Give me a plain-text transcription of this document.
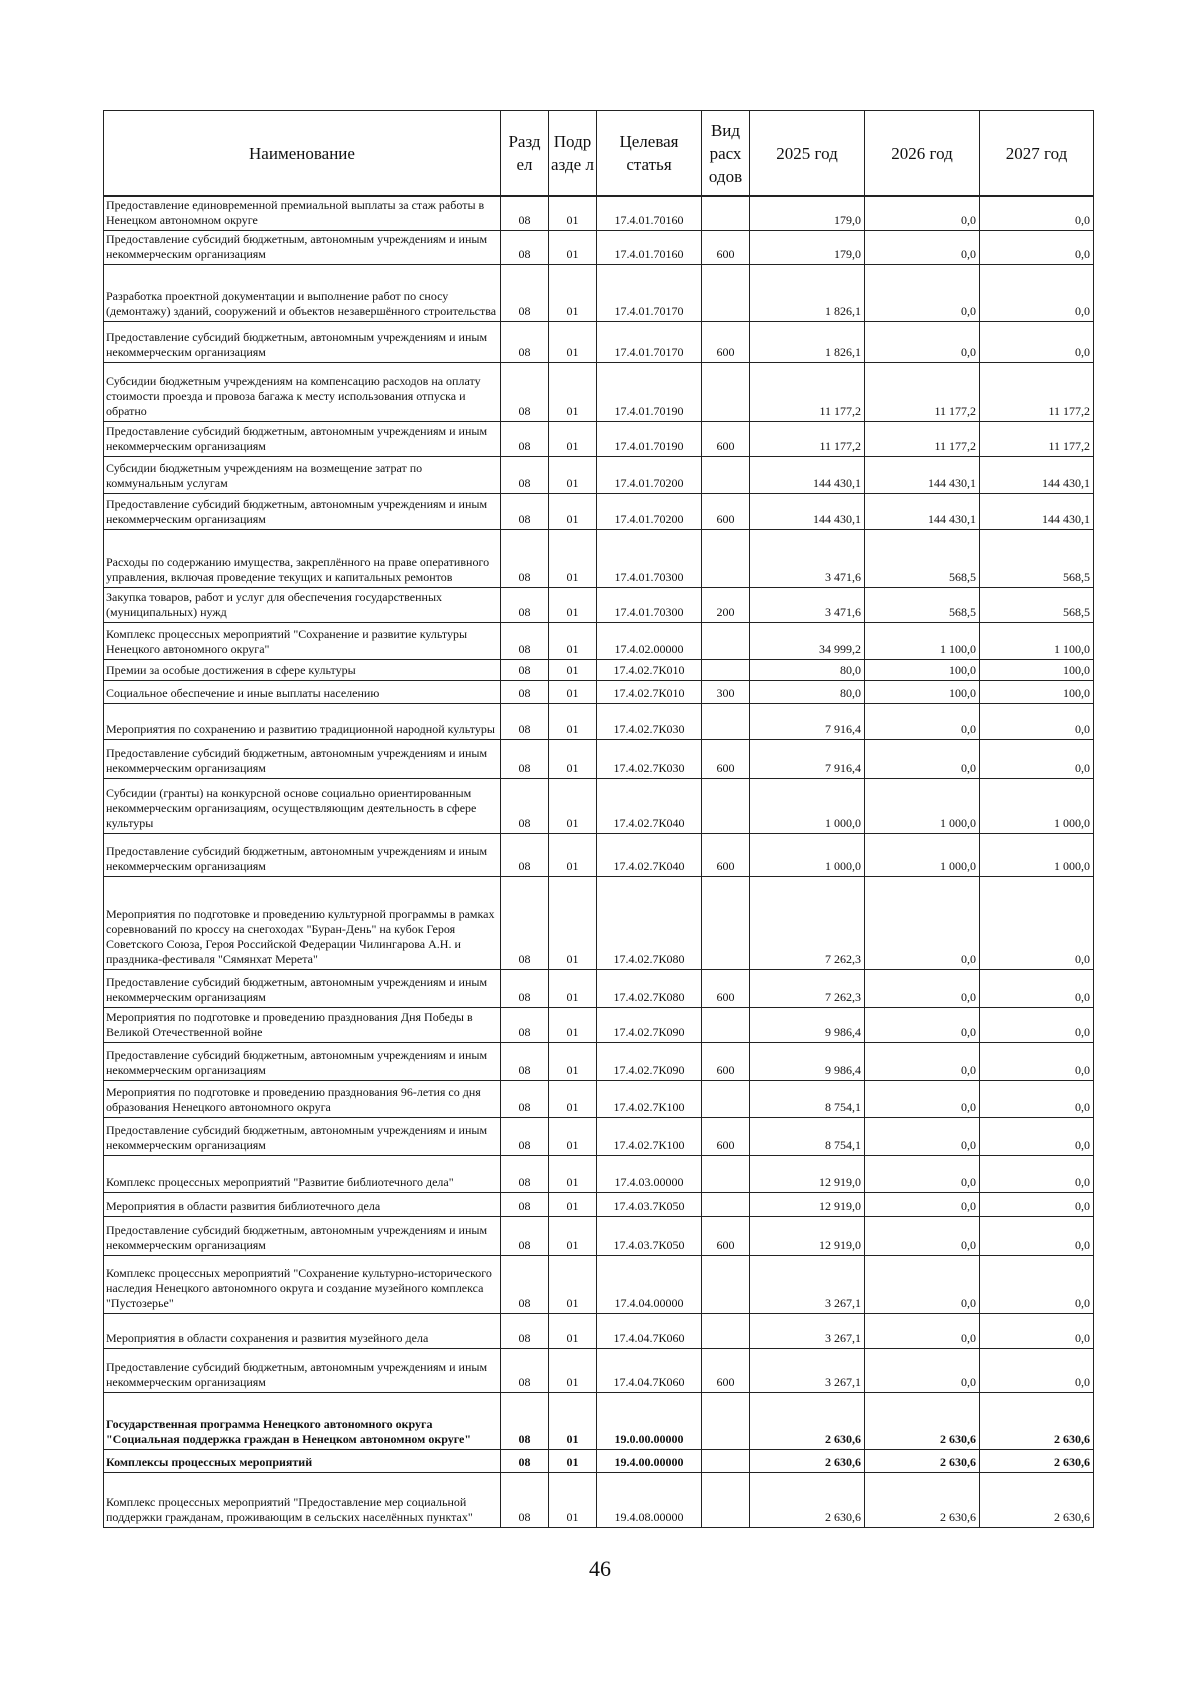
Наименование	Разд ел	Подр азде л	Целевая статья	Вид расх одов	2025 год	2026 год	2027 год
Предоставление единовременной премиальной выплаты за стаж работы в Ненецком автономном округе	08	01	17.4.01.70160		179,0	0,0	0,0
Предоставление субсидий бюджетным, автономным учреждениям и иным некоммерческим организациям	08	01	17.4.01.70160	600	179,0	0,0	0,0
Разработка проектной документации и выполнение работ по сносу (демонтажу) зданий, сооружений и объектов незавершённого строительства	08	01	17.4.01.70170		1 826,1	0,0	0,0
Предоставление субсидий бюджетным, автономным учреждениям и иным некоммерческим организациям	08	01	17.4.01.70170	600	1 826,1	0,0	0,0
Субсидии бюджетным учреждениям на компенсацию расходов на оплату стоимости проезда и провоза багажа к месту использования отпуска и обратно	08	01	17.4.01.70190		11 177,2	11 177,2	11 177,2
Предоставление субсидий бюджетным, автономным учреждениям и иным некоммерческим организациям	08	01	17.4.01.70190	600	11 177,2	11 177,2	11 177,2
Субсидии бюджетным учреждениям на возмещение затрат по коммунальным услугам	08	01	17.4.01.70200		144 430,1	144 430,1	144 430,1
Предоставление субсидий бюджетным, автономным учреждениям и иным некоммерческим организациям	08	01	17.4.01.70200	600	144 430,1	144 430,1	144 430,1
Расходы по содержанию имущества, закреплённого на праве оперативного управления, включая проведение текущих и капитальных ремонтов	08	01	17.4.01.70300		3 471,6	568,5	568,5
Закупка товаров, работ и услуг для обеспечения государственных (муниципальных) нужд	08	01	17.4.01.70300	200	3 471,6	568,5	568,5
Комплекс процессных мероприятий "Сохранение и развитие культуры Ненецкого автономного округа"	08	01	17.4.02.00000		34 999,2	1 100,0	1 100,0
Премии за особые достижения в сфере культуры	08	01	17.4.02.7К010		80,0	100,0	100,0
Социальное обеспечение и иные выплаты населению	08	01	17.4.02.7К010	300	80,0	100,0	100,0
Мероприятия по сохранению и развитию традиционной народной культуры	08	01	17.4.02.7К030		7 916,4	0,0	0,0
Предоставление субсидий бюджетным, автономным учреждениям и иным некоммерческим организациям	08	01	17.4.02.7К030	600	7 916,4	0,0	0,0
Субсидии (гранты) на конкурсной основе социально ориентированным некоммерческим организациям, осуществляющим деятельность в сфере культуры	08	01	17.4.02.7К040		1 000,0	1 000,0	1 000,0
Предоставление субсидий бюджетным, автономным учреждениям и иным некоммерческим организациям	08	01	17.4.02.7К040	600	1 000,0	1 000,0	1 000,0
Мероприятия по подготовке и проведению культурной программы в рамках соревнований по кроссу на снегоходах "Буран-День" на кубок Героя Советского Союза, Героя Российской Федерации Чилингарова А.Н. и праздника-фестиваля "Сямянхат Мерета"	08	01	17.4.02.7К080		7 262,3	0,0	0,0
Предоставление субсидий бюджетным, автономным учреждениям и иным некоммерческим организациям	08	01	17.4.02.7К080	600	7 262,3	0,0	0,0
Мероприятия по подготовке и проведению празднования Дня Победы в Великой Отечественной войне	08	01	17.4.02.7К090		9 986,4	0,0	0,0
Предоставление субсидий бюджетным, автономным учреждениям и иным некоммерческим организациям	08	01	17.4.02.7К090	600	9 986,4	0,0	0,0
Мероприятия по подготовке и проведению празднования 96-летия со дня образования Ненецкого автономного округа	08	01	17.4.02.7К100		8 754,1	0,0	0,0
Предоставление субсидий бюджетным, автономным учреждениям и иным некоммерческим организациям	08	01	17.4.02.7К100	600	8 754,1	0,0	0,0
Комплекс процессных мероприятий "Развитие библиотечного дела"	08	01	17.4.03.00000		12 919,0	0,0	0,0
Мероприятия в области развития библиотечного дела	08	01	17.4.03.7К050		12 919,0	0,0	0,0
Предоставление субсидий бюджетным, автономным учреждениям и иным некоммерческим организациям	08	01	17.4.03.7К050	600	12 919,0	0,0	0,0
Комплекс процессных мероприятий "Сохранение культурно-исторического наследия Ненецкого автономного округа и создание музейного комплекса "Пустозерье"	08	01	17.4.04.00000		3 267,1	0,0	0,0
Мероприятия в области сохранения и развития музейного дела	08	01	17.4.04.7К060		3 267,1	0,0	0,0
Предоставление субсидий бюджетным, автономным учреждениям и иным некоммерческим организациям	08	01	17.4.04.7К060	600	3 267,1	0,0	0,0
Государственная программа Ненецкого автономного округа "Социальная поддержка граждан в Ненецком автономном округе"	08	01	19.0.00.00000		2 630,6	2 630,6	2 630,6
Комплексы процессных мероприятий	08	01	19.4.00.00000		2 630,6	2 630,6	2 630,6
Комплекс процессных мероприятий "Предоставление мер социальной поддержки гражданам, проживающим в сельских населённых пунктах"	08	01	19.4.08.00000		2 630,6	2 630,6	2 630,6
46
